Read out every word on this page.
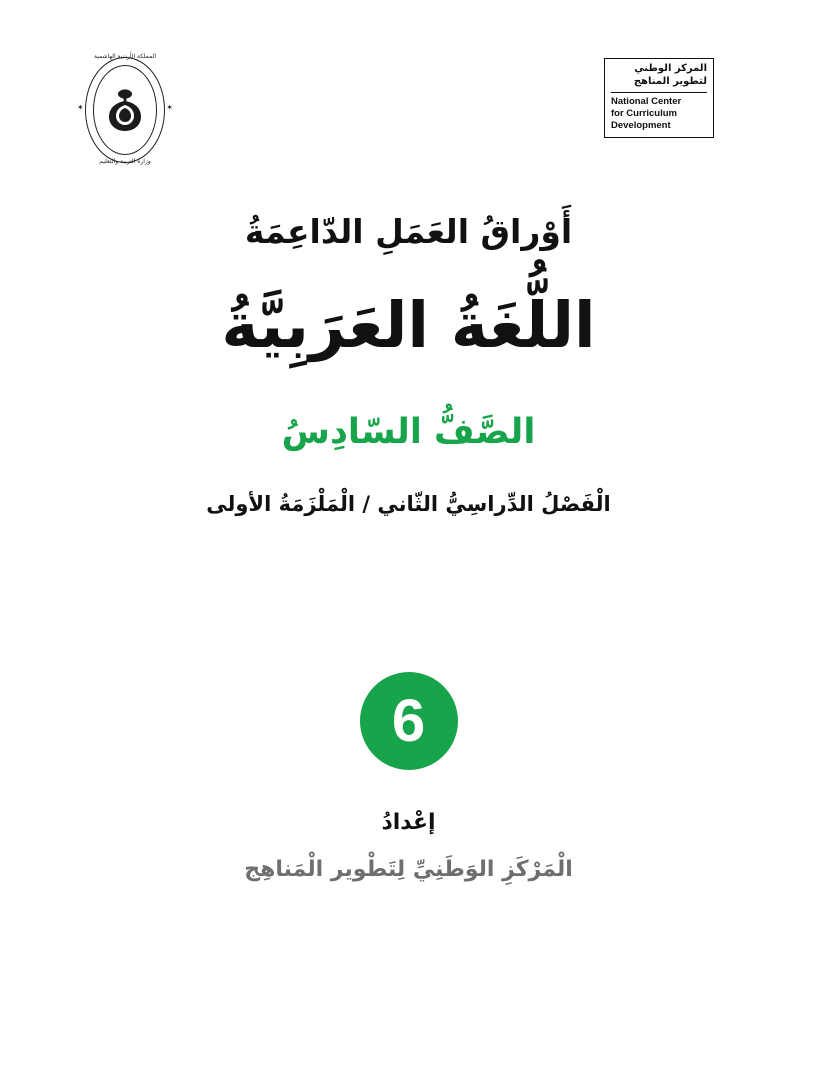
المملكة الأردنية الهاشمية
وزارة التربية والتعليم
✶	✶
المركز الوطني
لتطوير المناهج
National Center
for Curriculum
Development
أَوْراقُ العَمَلِ الدّاعِمَةُ
اللُّغَةُ العَرَبِيَّةُ
الصَّفُّ السّادِسُ
الْفَصْلُ الدِّراسِيُّ الثّاني / الْمَلْزَمَةُ الأولى
6
إعْدادُ
الْمَرْكَزِ الوَطَنِيِّ لِتَطْوير الْمَناهِج
